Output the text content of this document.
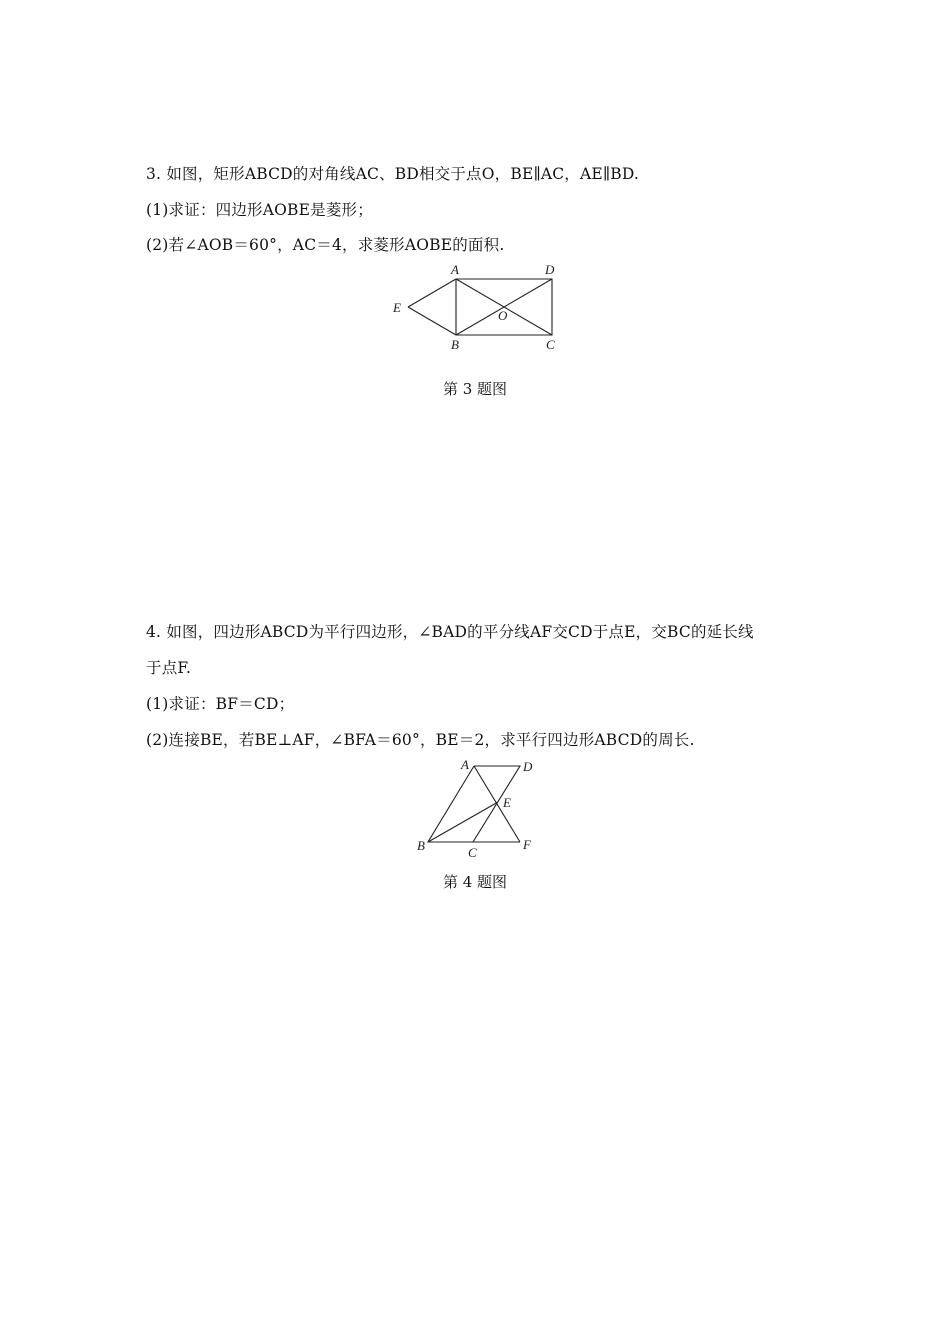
3. 如图，矩形ABCD的对角线AC、BD相交于点O，BE∥AC，AE∥BD.
(1)求证：四边形AOBE是菱形；
(2)若∠AOB＝60°，AC＝4，求菱形AOBE的面积.
A	D
E
O
B	C
第 3 题图
4. 如图，四边形ABCD为平行四边形，∠BAD的平分线AF交CD于点E，交BC的延长线
于点F.
(1)求证：BF＝CD；
(2)连接BE，若BE⊥AF，∠BFA＝60°，BE＝2，求平行四边形ABCD的周长.
A	D
E
B	C
F
第 4 题图
